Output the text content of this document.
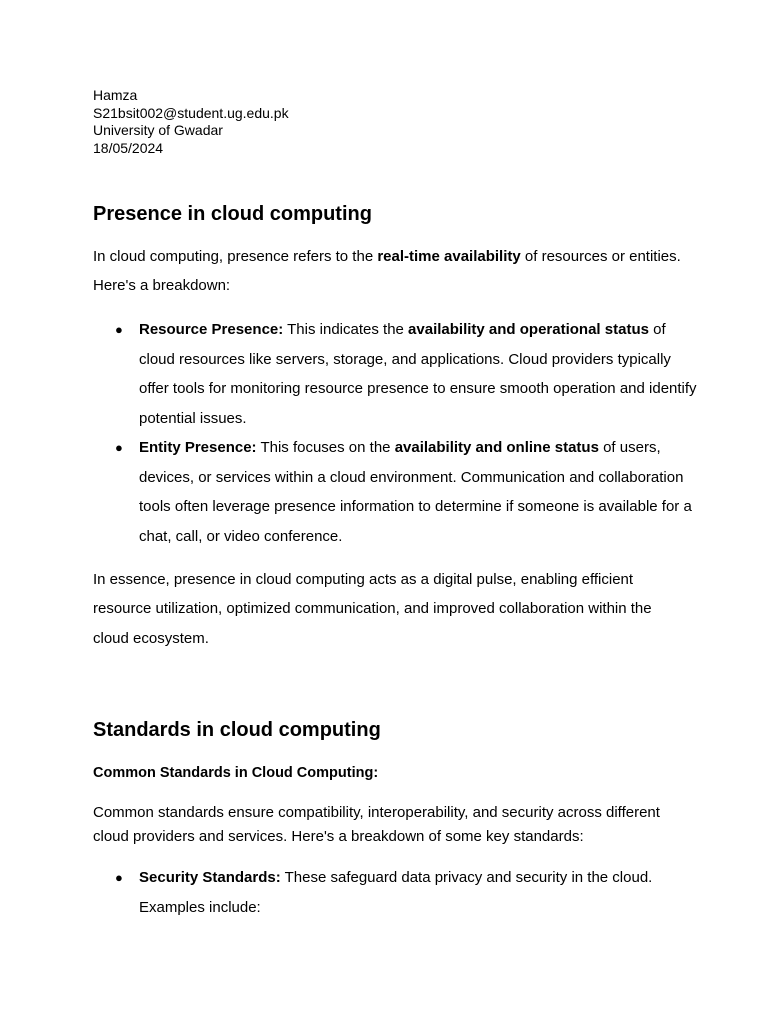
Hamza
S21bsit002@student.ug.edu.pk
University of Gwadar
18/05/2024
Presence in cloud computing

In cloud computing, presence refers to the real-time availability of resources or entities. Here's a breakdown:

●
Resource Presence: This indicates the availability and operational status of cloud resources like servers, storage, and applications. Cloud providers typically offer tools for monitoring resource presence to ensure smooth operation and identify potential issues.
●
Entity Presence: This focuses on the availability and online status of users, devices, or services within a cloud environment. Communication and collaboration tools often leverage presence information to determine if someone is available for a chat, call, or video conference.

In essence, presence in cloud computing acts as a digital pulse, enabling efficient resource utilization, optimized communication, and improved collaboration within the cloud ecosystem.

Standards in cloud computing
Common Standards in Cloud Computing:

Common standards ensure compatibility, interoperability, and security across different cloud providers and services. Here's a breakdown of some key standards:

●
Security Standards: These safeguard data privacy and security in the cloud. Examples include:
